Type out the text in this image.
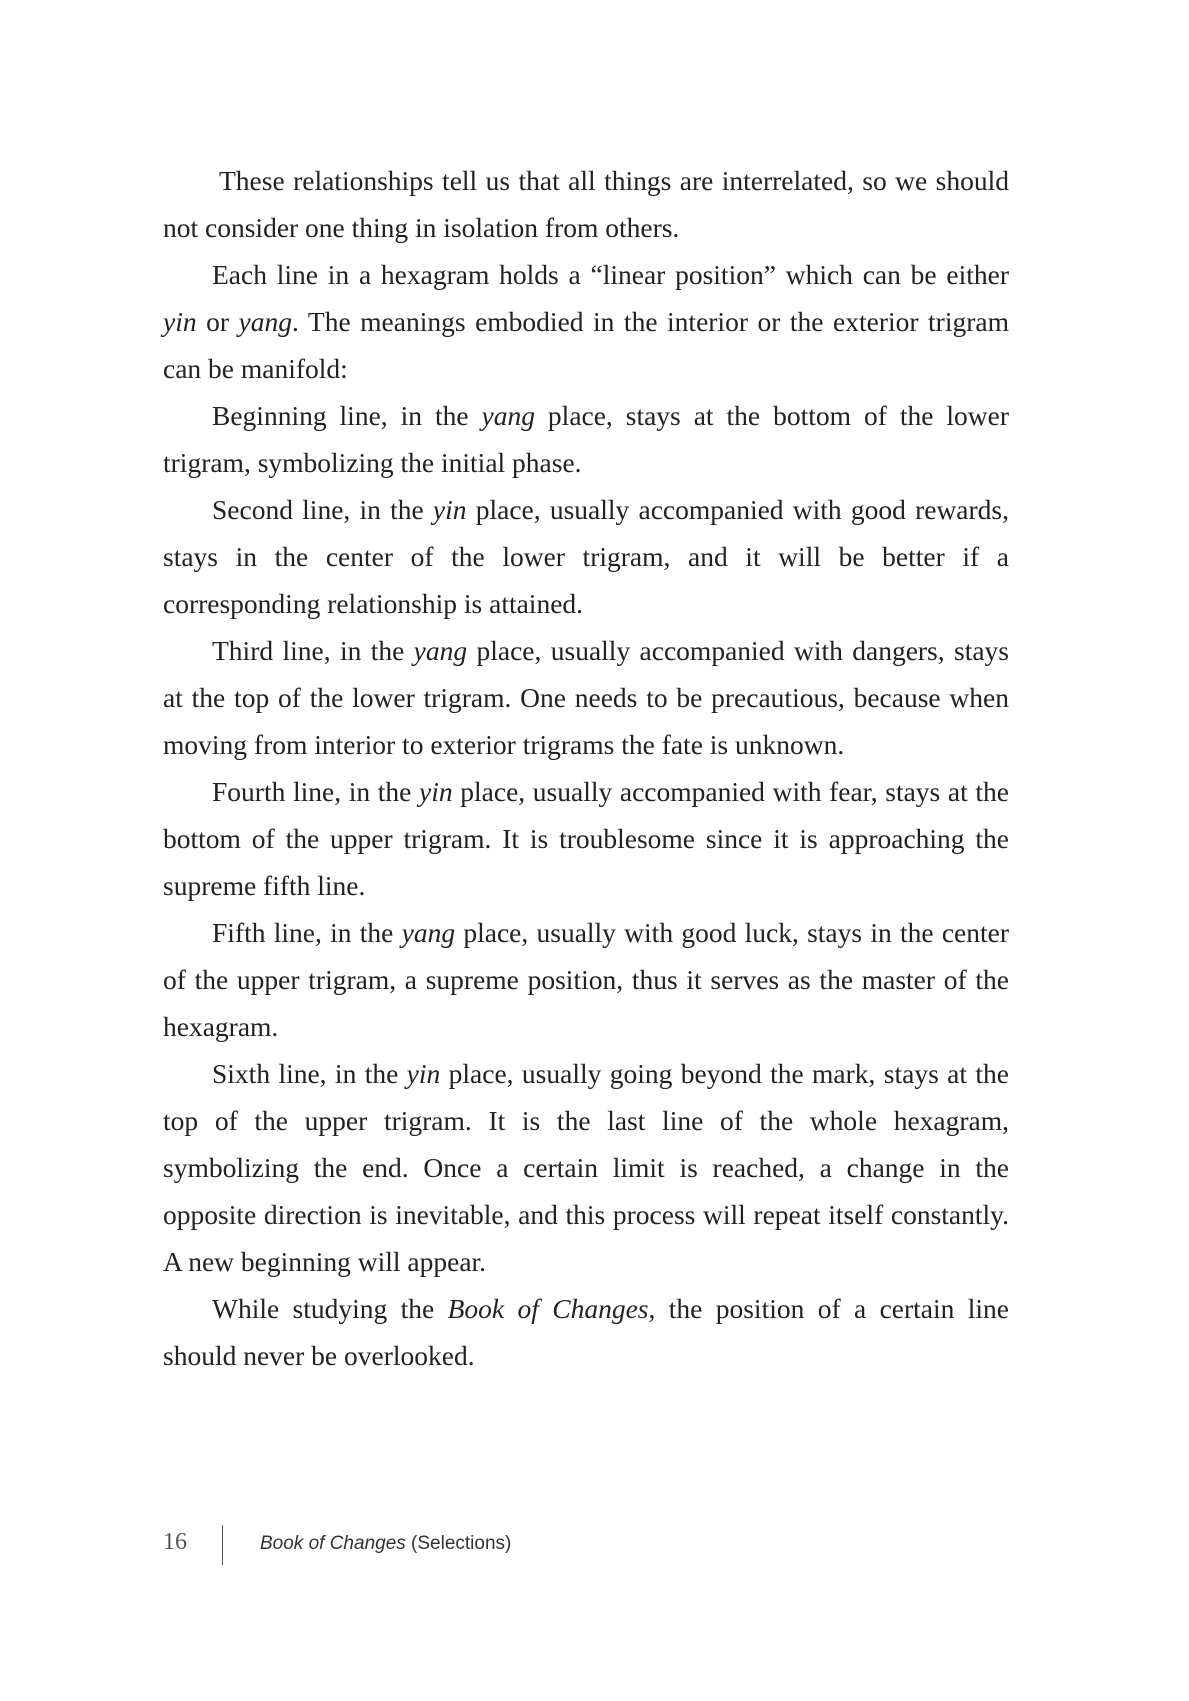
These relationships tell us that all things are interrelated, so we should not consider one thing in isolation from others.

Each line in a hexagram holds a “linear position” which can be either yin or yang. The meanings embodied in the interior or the exterior trigram can be manifold:

Beginning line, in the yang place, stays at the bottom of the lower trigram, symbolizing the initial phase.

Second line, in the yin place, usually accompanied with good rewards, stays in the center of the lower trigram, and it will be better if a corresponding relationship is attained.

Third line, in the yang place, usually accompanied with dangers, stays at the top of the lower trigram. One needs to be precautious, because when moving from interior to exterior trigrams the fate is unknown.

Fourth line, in the yin place, usually accompanied with fear, stays at the bottom of the upper trigram. It is troublesome since it is approaching the supreme fifth line.

Fifth line, in the yang place, usually with good luck, stays in the center of the upper trigram, a supreme position, thus it serves as the master of the hexagram.

Sixth line, in the yin place, usually going beyond the mark, stays at the top of the upper trigram. It is the last line of the whole hexagram, symbolizing the end. Once a certain limit is reached, a change in the opposite direction is inevitable, and this process will repeat itself constantly. A new beginning will appear.

While studying the Book of Changes, the position of a certain line should never be overlooked.

16	Book of Changes (Selections)
